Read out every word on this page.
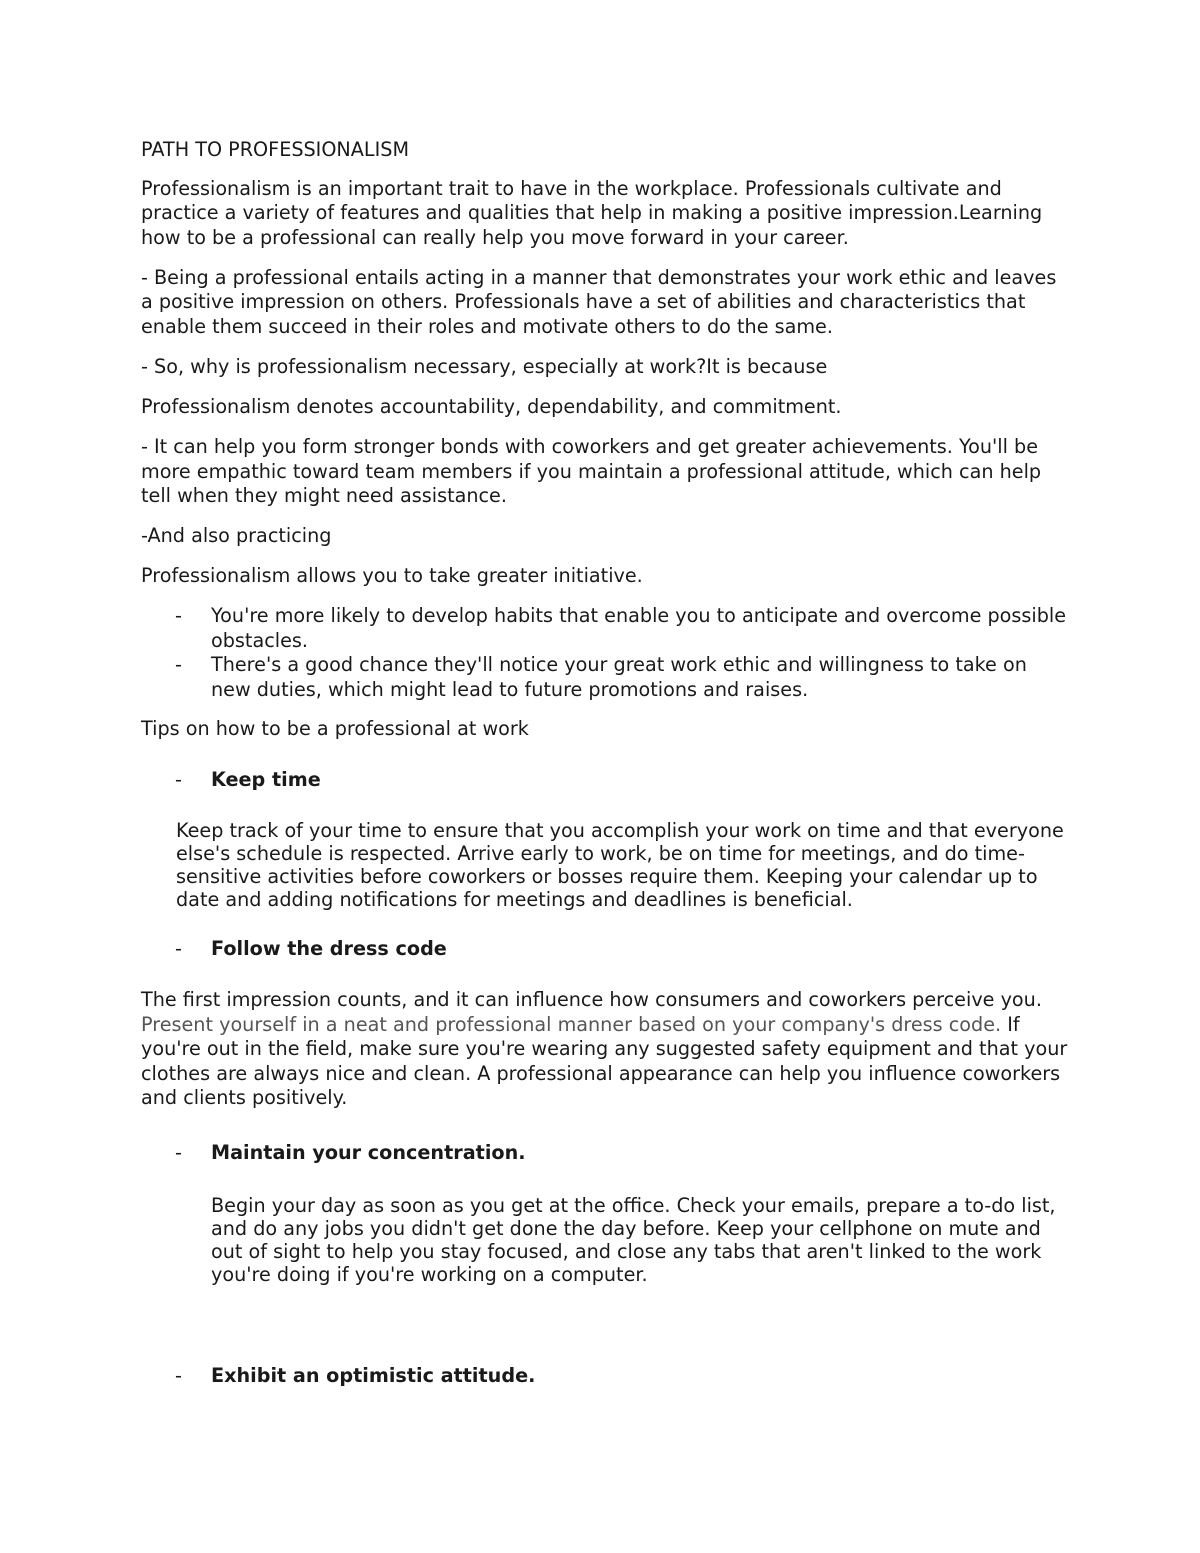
PATH TO PROFESSIONALISM

Professionalism is an important trait to have in the workplace. Professionals cultivate and practice a variety of features and qualities that help in making a positive impression.Learning how to be a professional can really help you move forward in your career.

- Being a professional entails acting in a manner that demonstrates your work ethic and leaves a positive impression on others. Professionals have a set of abilities and characteristics that enable them succeed in their roles and motivate others to do the same.

- So, why is professionalism necessary, especially at work?It is because

Professionalism denotes accountability, dependability, and commitment.

- It can help you form stronger bonds with coworkers and get greater achievements. You'll be more empathic toward team members if you maintain a professional attitude, which can help tell when they might need assistance.

-And also practicing

Professionalism allows you to take greater initiative.

-	You're more likely to develop habits that enable you to anticipate and overcome possible obstacles.
-	There's a good chance they'll notice your great work ethic and willingness to take on new duties, which might lead to future promotions and raises.

Tips on how to be a professional at work

-	Keep time

Keep track of your time to ensure that you accomplish your work on time and that everyone else's schedule is respected. Arrive early to work, be on time for meetings, and do time-sensitive activities before coworkers or bosses require them. Keeping your calendar up to date and adding notifications for meetings and deadlines is beneficial.

-	Follow the dress code

The first impression counts, and it can influence how consumers and coworkers perceive you. Present yourself in a neat and professional manner based on your company's dress code. If you're out in the field, make sure you're wearing any suggested safety equipment and that your clothes are always nice and clean. A professional appearance can help you influence coworkers and clients positively.

-	Maintain your concentration.

Begin your day as soon as you get at the office. Check your emails, prepare a to-do list, and do any jobs you didn't get done the day before. Keep your cellphone on mute and out of sight to help you stay focused, and close any tabs that aren't linked to the work you're doing if you're working on a computer.

-	Exhibit an optimistic attitude.
